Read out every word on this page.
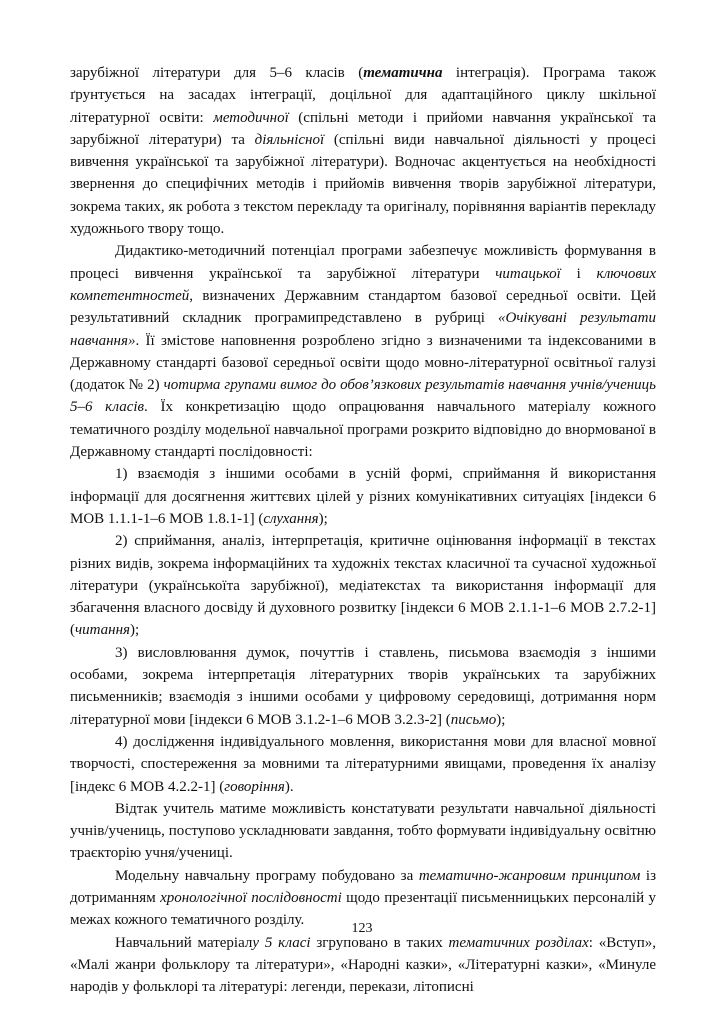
зарубіжної літератури для 5–6 класів (тематична інтеграція). Програма також ґрунтується на засадах інтеграції, доцільної для адаптаційного циклу шкільної літературної освіти: методичної (спільні методи і прийоми навчання української та зарубіжної літератури) та діяльнісної (спільні види навчальної діяльності у процесі вивчення української та зарубіжної літератури). Водночас акцентується на необхідності звернення до специфічних методів і прийомів вивчення творів зарубіжної літератури, зокрема таких, як робота з текстом перекладу та оригіналу, порівняння варіантів перекладу художнього твору тощо.

Дидактико-методичний потенціал програми забезпечує можливість формування в процесі вивчення української та зарубіжної літератури читацької і ключових компетентностей, визначених Державним стандартом базової середньої освіти. Цей результативний складник програмипредставлено в рубриці «Очікувані результати навчання». Її змістове наповнення розроблено згідно з визначеними та індексованими в Державному стандарті базової середньої освіти щодо мовно-літературної освітньої галузі (додаток № 2) чотирма групами вимог до обов’язкових результатів навчання учнів/учениць 5–6 класів. Їх конкретизацію щодо опрацювання навчального матеріалу кожного тематичного розділу модельної навчальної програми розкрито відповідно до внормованої в Державному стандарті послідовності:

1) взаємодія з іншими особами в усній формі, сприймання й використання інформації для досягнення життєвих цілей у різних комунікативних ситуаціях [індекси 6 МОВ 1.1.1-1–6 МОВ 1.8.1-1] (слухання);

2) сприймання, аналіз, інтерпретація, критичне оцінювання інформації в текстах різних видів, зокрема інформаційних та художніх текстах класичної та сучасної художньої літератури (українськоїта зарубіжної), медіатекстах та використання інформації для збагачення власного досвіду й духовного розвитку [індекси 6 МОВ 2.1.1-1–6 МОВ 2.7.2-1] (читання);

3) висловлювання думок, почуттів і ставлень, письмова взаємодія з іншими особами, зокрема інтерпретація літературних творів українських та зарубіжних письменників; взаємодія з іншими особами у цифровому середовищі, дотримання норм літературної мови [індекси 6 МОВ 3.1.2-1–6 МОВ 3.2.3-2] (письмо);

4) дослідження індивідуального мовлення, використання мови для власної мовної творчості, спостереження за мовними та літературними явищами, проведення їх аналізу [індекс 6 МОВ 4.2.2-1] (говоріння).

Відтак учитель матиме можливість констатувати результати навчальної діяльності учнів/учениць, поступово ускладнювати завдання, тобто формувати індивідуальну освітню траєкторію учня/учениці.

Модельну навчальну програму побудовано за тематично-жанровим принципом із дотриманням хронологічної послідовності щодо презентації письменницьких персоналій у межах кожного тематичного розділу.

Навчальний матеріалу 5 класі згруповано в таких тематичних розділах: «Вступ», «Малі жанри фольклору та літератури», «Народні казки», «Літературні казки», «Минуле народів у фольклорі та літературі: легенди, перекази, літописні

123
